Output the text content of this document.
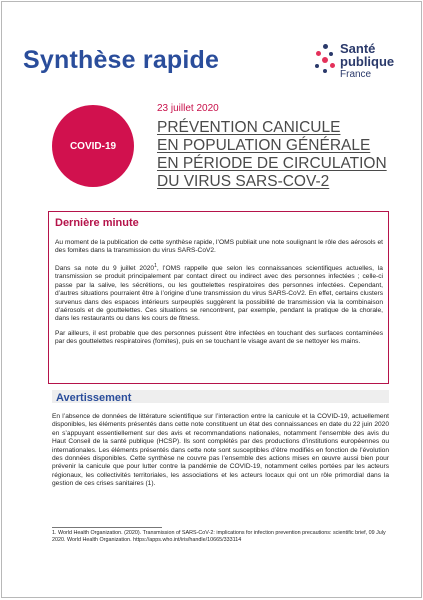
Synthèse rapide	Santé
publique
France
COVID-19
23 juillet 2020
PRÉVENTION CANICULE
EN POPULATION GÉNÉRALE
EN PÉRIODE DE CIRCULATION
DU VIRUS SARS-COV-2
Dernière minute

Au moment de la publication de cette synthèse rapide, l’OMS publiait une note soulignant le rôle des aérosols et des fomites dans la transmission du virus SARS-CoV2.

Dans sa note du 9 juillet 2020$^1$, l’OMS rappelle que selon les connaissances scientifiques actuelles, la transmission se produit principalement par contact direct ou indirect avec des personnes infectées ; celle-ci passe par la salive, les sécrétions, ou les gouttelettes respiratoires des personnes infectées. Cependant, d’autres situations pourraient être à l’origine d’une transmission du virus SARS-CoV2. En effet, certains clusters survenus dans des espaces intérieurs surpeuplés suggèrent la possibilité de transmission via la combinaison d’aérosols et de gouttelettes. Ces situations se rencontrent, par exemple, pendant la pratique de la chorale, dans les restaurants ou dans les cours de fitness.

Par ailleurs, il est probable que des personnes puissent être infectées en touchant des surfaces contaminées par des gouttelettes respiratoires (fomites), puis en se touchant le visage avant de se nettoyer les mains.

Avertissement

En l’absence de données de littérature scientifique sur l’interaction entre la canicule et la COVID-19, actuellement disponibles, les éléments présentés dans cette note constituent un état des connaissances en date du 22 juin 2020 en s’appuyant essentiellement sur des avis et recommandations nationales, notamment l’ensemble des avis du Haut Conseil de la santé publique (HCSP). Ils sont complétés par des productions d’institutions européennes ou internationales. Les éléments présentés dans cette note sont susceptibles d’être modifiés en fonction de l’évolution des données disponibles. Cette synthèse ne couvre pas l’ensemble des actions mises en œuvre aussi bien pour prévenir la canicule que pour lutter contre la pandémie de COVID-19, notamment celles portées par les acteurs régionaux, les collectivités territoriales, les associations et les acteurs locaux qui ont un rôle primordial dans la gestion de ces crises sanitaires (1).

1. World Health Organization. (2020). Transmission of SARS-CoV-2: implications for infection prevention precautions: scientific brief, 09 July 2020. World Health Organization. https://apps.who.int/iris/handle/10665/333114
